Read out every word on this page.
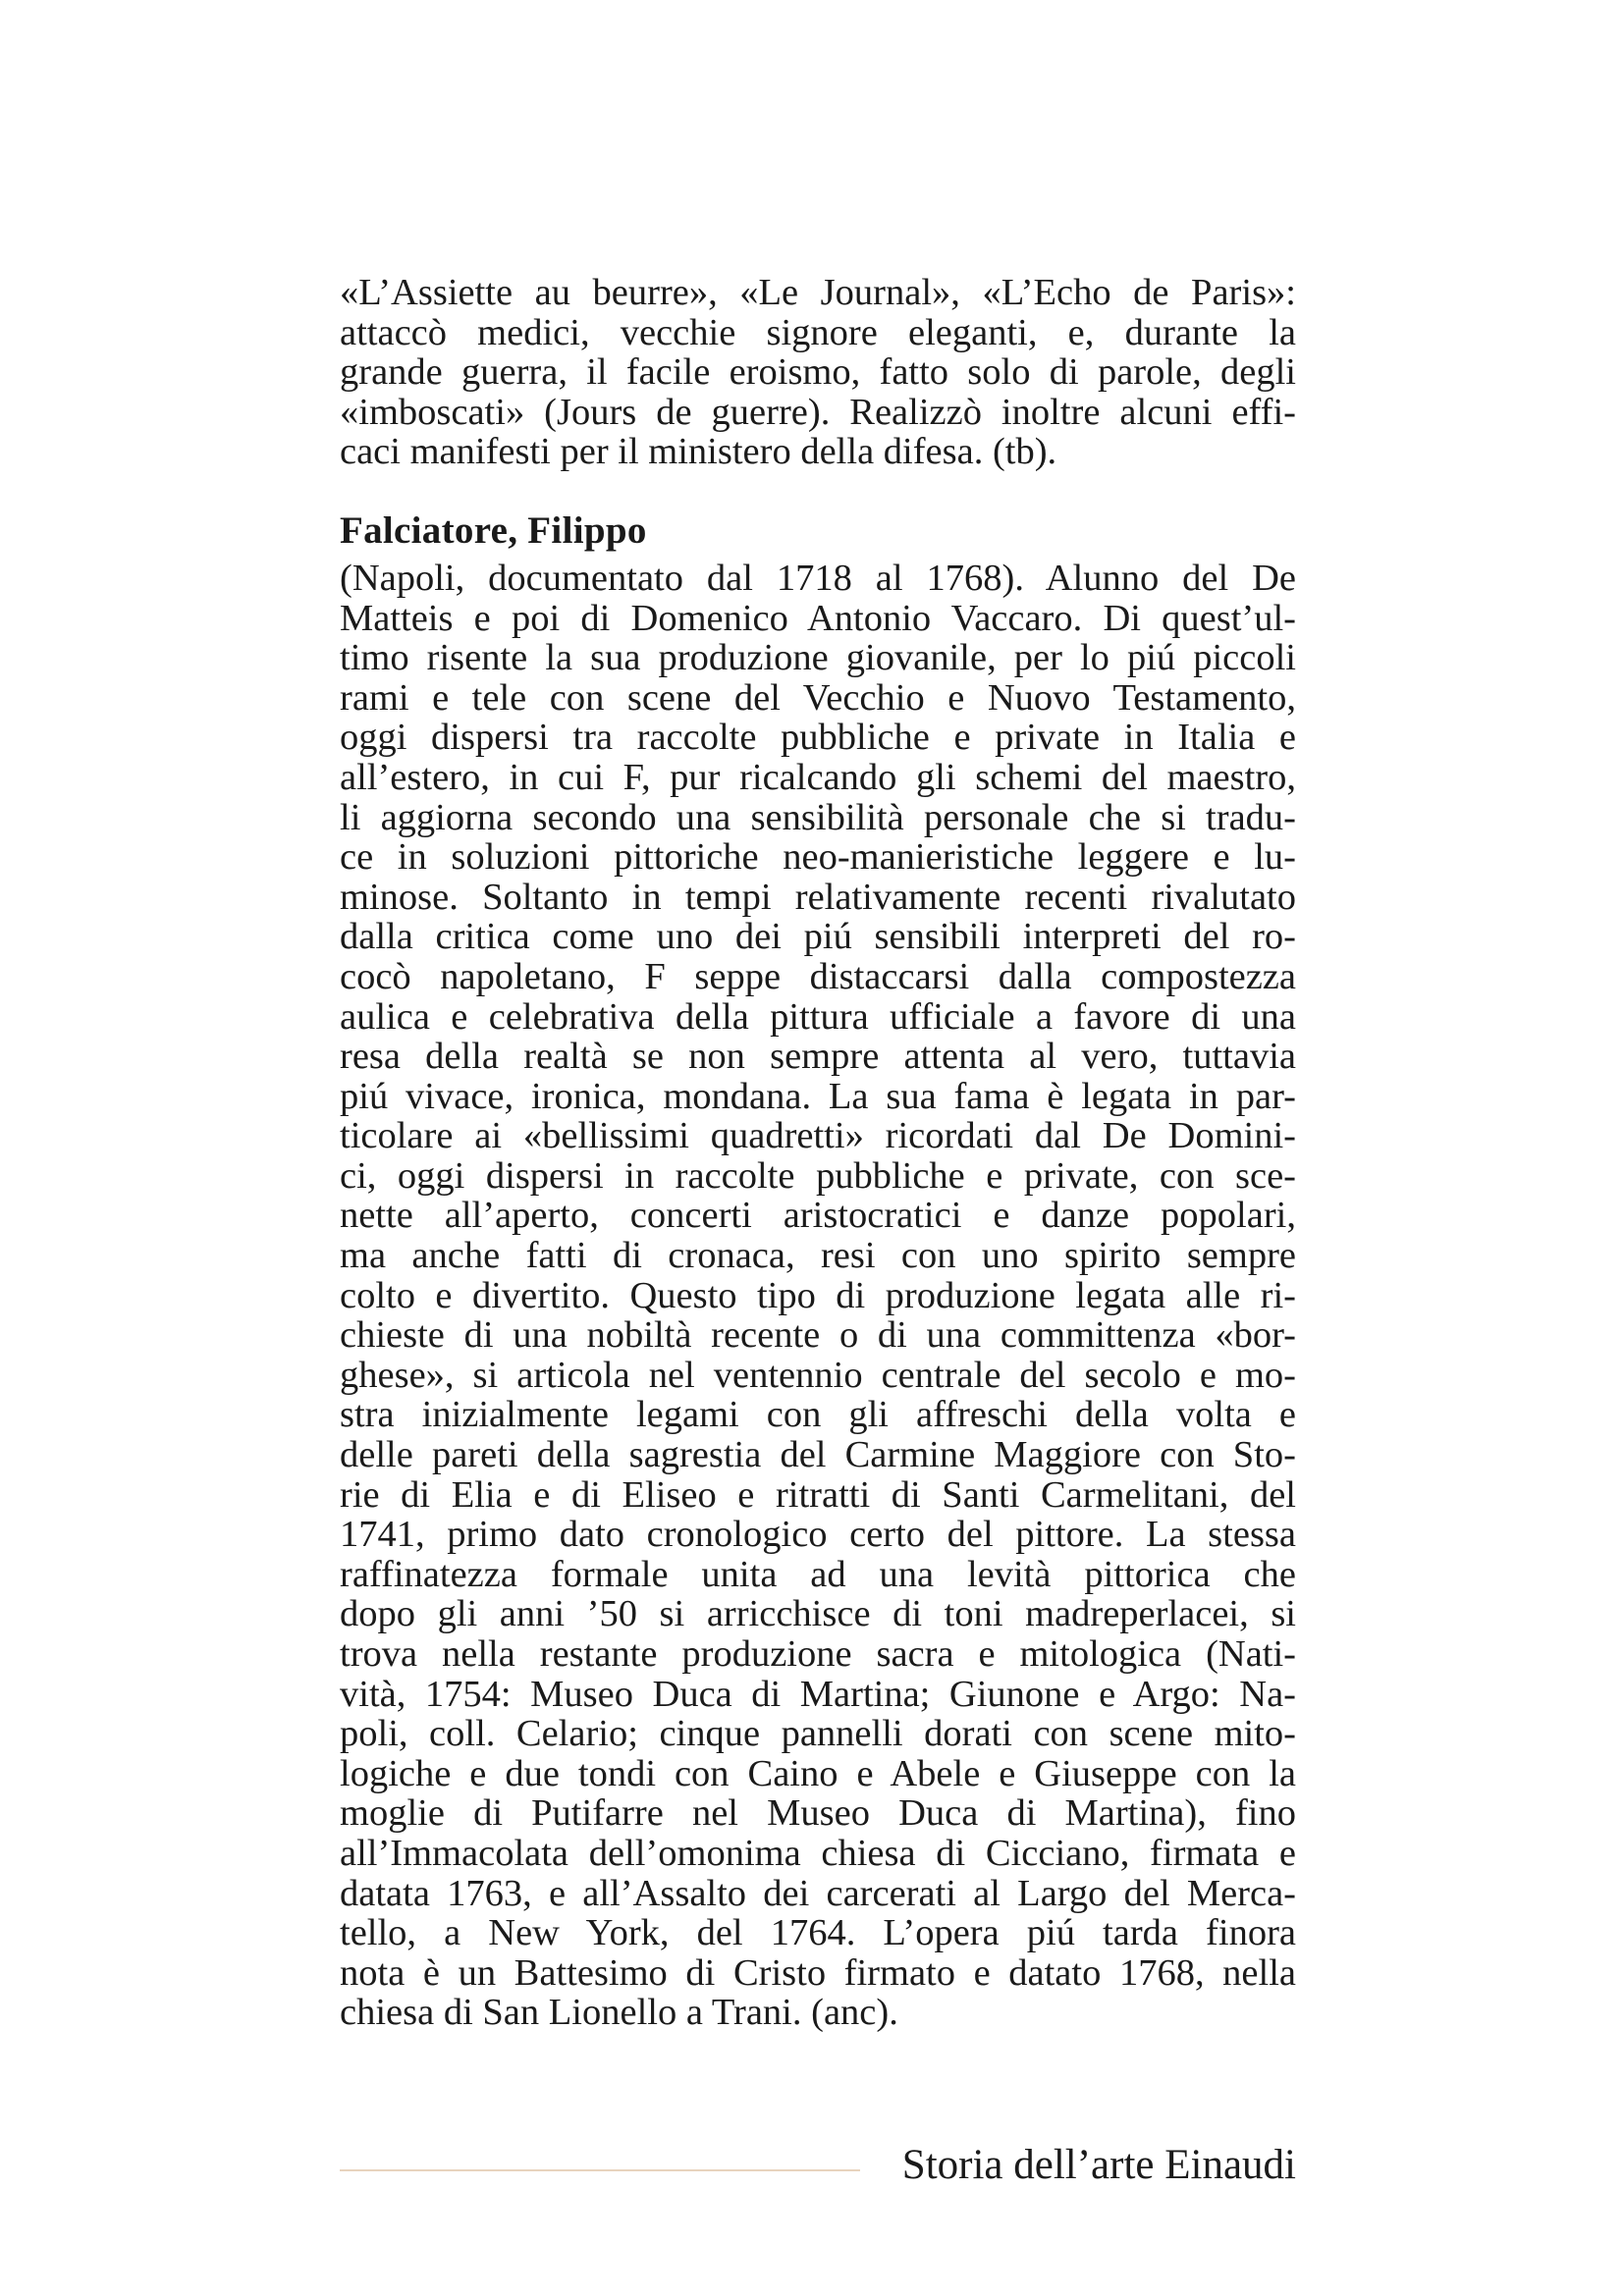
«L’Assiette au beurre», «Le Journal», «L’Echo de Paris»:
attaccò medici, vecchie signore eleganti, e, durante la
grande guerra, il facile eroismo, fatto solo di parole, degli
«imboscati» (Jours de guerre). Realizzò inoltre alcuni effi-
caci manifesti per il ministero della difesa. (tb).
Falciatore, Filippo
(Napoli, documentato dal 1718 al 1768). Alunno del De
Matteis e poi di Domenico Antonio Vaccaro. Di quest’ul-
timo risente la sua produzione giovanile, per lo piú piccoli
rami e tele con scene del Vecchio e Nuovo Testamento,
oggi dispersi tra raccolte pubbliche e private in Italia e
all’estero, in cui F, pur ricalcando gli schemi del maestro,
li aggiorna secondo una sensibilità personale che si tradu-
ce in soluzioni pittoriche neo-manieristiche leggere e lu-
minose. Soltanto in tempi relativamente recenti rivalutato
dalla critica come uno dei piú sensibili interpreti del ro-
cocò napoletano, F seppe distaccarsi dalla compostezza
aulica e celebrativa della pittura ufficiale a favore di una
resa della realtà se non sempre attenta al vero, tuttavia
piú vivace, ironica, mondana. La sua fama è legata in par-
ticolare ai «bellissimi quadretti» ricordati dal De Domini-
ci, oggi dispersi in raccolte pubbliche e private, con sce-
nette all’aperto, concerti aristocratici e danze popolari,
ma anche fatti di cronaca, resi con uno spirito sempre
colto e divertito. Questo tipo di produzione legata alle ri-
chieste di una nobiltà recente o di una committenza «bor-
ghese», si articola nel ventennio centrale del secolo e mo-
stra inizialmente legami con gli affreschi della volta e
delle pareti della sagrestia del Carmine Maggiore con Sto-
rie di Elia e di Eliseo e ritratti di Santi Carmelitani, del
1741, primo dato cronologico certo del pittore. La stessa
raffinatezza formale unita ad una levità pittorica che
dopo gli anni ’50 si arricchisce di toni madreperlacei, si
trova nella restante produzione sacra e mitologica (Nati-
vità, 1754: Museo Duca di Martina; Giunone e Argo: Na-
poli, coll. Celario; cinque pannelli dorati con scene mito-
logiche e due tondi con Caino e Abele e Giuseppe con la
moglie di Putifarre nel Museo Duca di Martina), fino
all’Immacolata dell’omonima chiesa di Cicciano, firmata e
datata 1763, e all’Assalto dei carcerati al Largo del Merca-
tello, a New York, del 1764. L’opera piú tarda finora
nota è un Battesimo di Cristo firmato e datato 1768, nella
chiesa di San Lionello a Trani. (anc).
Storia dell’arte Einaudi
